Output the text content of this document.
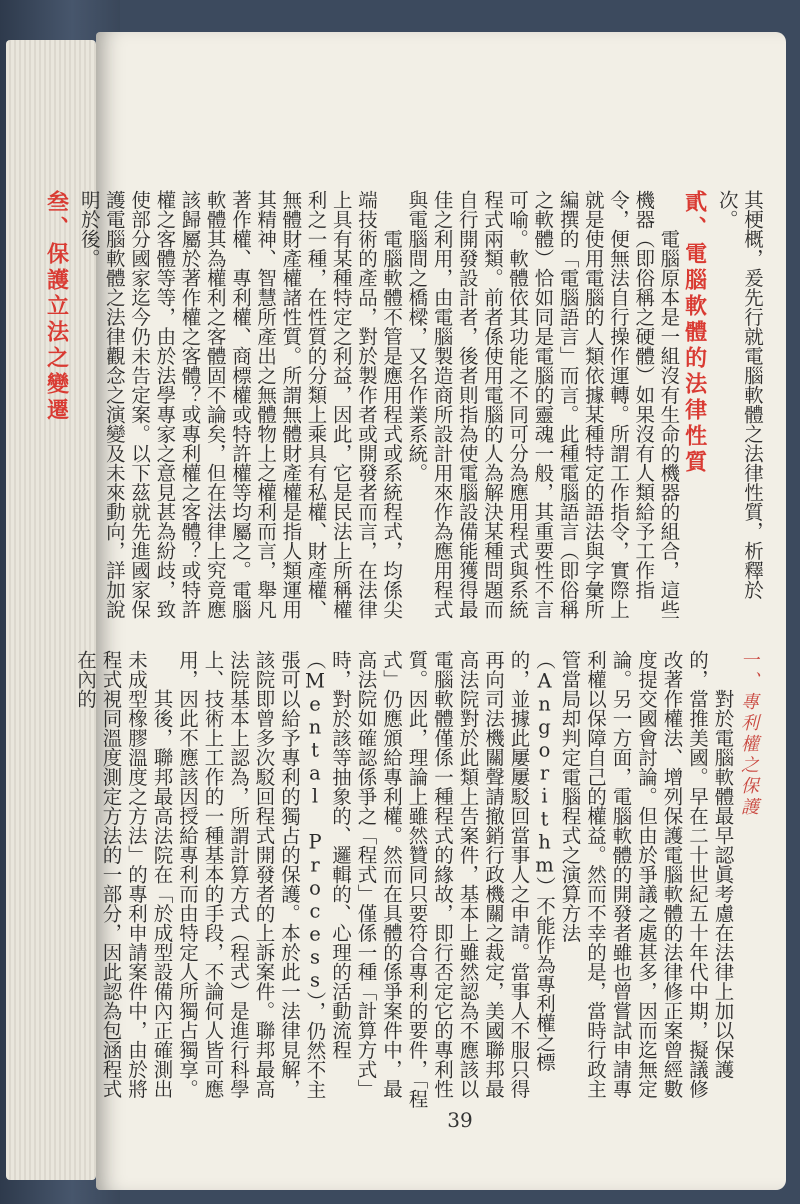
其梗概，爰先行就電腦軟體之法律性質，析釋於次。

貳、電腦軟體的法律性質

電腦原本是一組沒有生命的機器的組合，這些機器（即俗稱之硬體）如果沒有人類給予工作指令，便無法自行操作運轉。所謂工作指令，實際上就是使用電腦的人類依據某種特定的語法與字彙所編撰的「電腦語言」而言。此種電腦語言（即俗稱之軟體）恰如同是電腦的靈魂一般，其重要性不言可喻。軟體依其功能之不同可分為應用程式與系統程式兩類。前者係使用電腦的人為解決某種問題而自行開發設計者，後者則指為使電腦設備能獲得最佳之利用，由電腦製造商所設計用來作為應用程式與電腦間之橋樑，又名作業系統。

電腦軟體不管是應用程式或系統程式，均係尖端技術的產品，對於製作者或開發者而言，在法律上具有某種特定之利益，因此，它是民法上所稱權利之一種，在性質的分類上乘具有私權、財產權、無體財產權諸性質。所謂無體財產權是指人類運用其精神、智慧所產出之無體物上之權利而言，舉凡著作權、專利權、商標權或特許權等均屬之。電腦軟體其為權利之客體固不論矣，但在法律上究竟應該歸屬於著作權之客體？或專利權之客體？或特許權之客體等等，由於法學專家之意見甚為紛歧，致使部分國家迄今仍未告定案。以下茲就先進國家保護電腦軟體之法律觀念之演變及未來動向，詳加說明於後。

叁、保護立法之變遷

一、專利權之保護

對於電腦軟體最早認眞考慮在法律上加以保護的，當推美國。早在二十世紀五十年代中期，擬議修改著作權法、增列保護電腦軟體的法律修正案曾經數度提交國會討論。但由於爭議之處甚多，因而迄無定論。另一方面，電腦軟體的開發者雖也曾嘗試申請專利權以保障自己的權益。然而不幸的是，當時行政主管當局却判定電腦程式之演算方法（Angorithm）不能作為專利權之標的，並據此屢屢駁回當事人之申請。當事人不服只得再向司法機關聲請撤銷行政機關之裁定，美國聯邦最高法院對於此類上告案件，基本上雖然認為不應該以電腦軟體僅係一種程式的緣故，即行否定它的專利性質。因此，理論上雖然贊同只要符合專利的要件，「程式」仍應頒給專利權。然而在具體的係爭案件中，最高法院如確認係爭之「程式」僅係一種「計算方式」時，對於該等抽象的、邏輯的、心理的活動流程（Mental Process），仍然不主張可以給予專利的獨占的保護。本於此一法律見解，該院即曾多次駁回程式開發者的上訴案件。聯邦最高法院基本上認為，所謂計算方式（程式）是進行科學上、技術上工作的一種基本的手段，不論何人皆可應用，因此不應該因授給專利而由特定人所獨占獨享。

其後，聯邦最高法院在「於成型設備內正確測出未成型橡膠溫度之方法」的專利申請案件中，由於將程式視同溫度測定方法的一部分，因此認為包涵程式在內的

39
